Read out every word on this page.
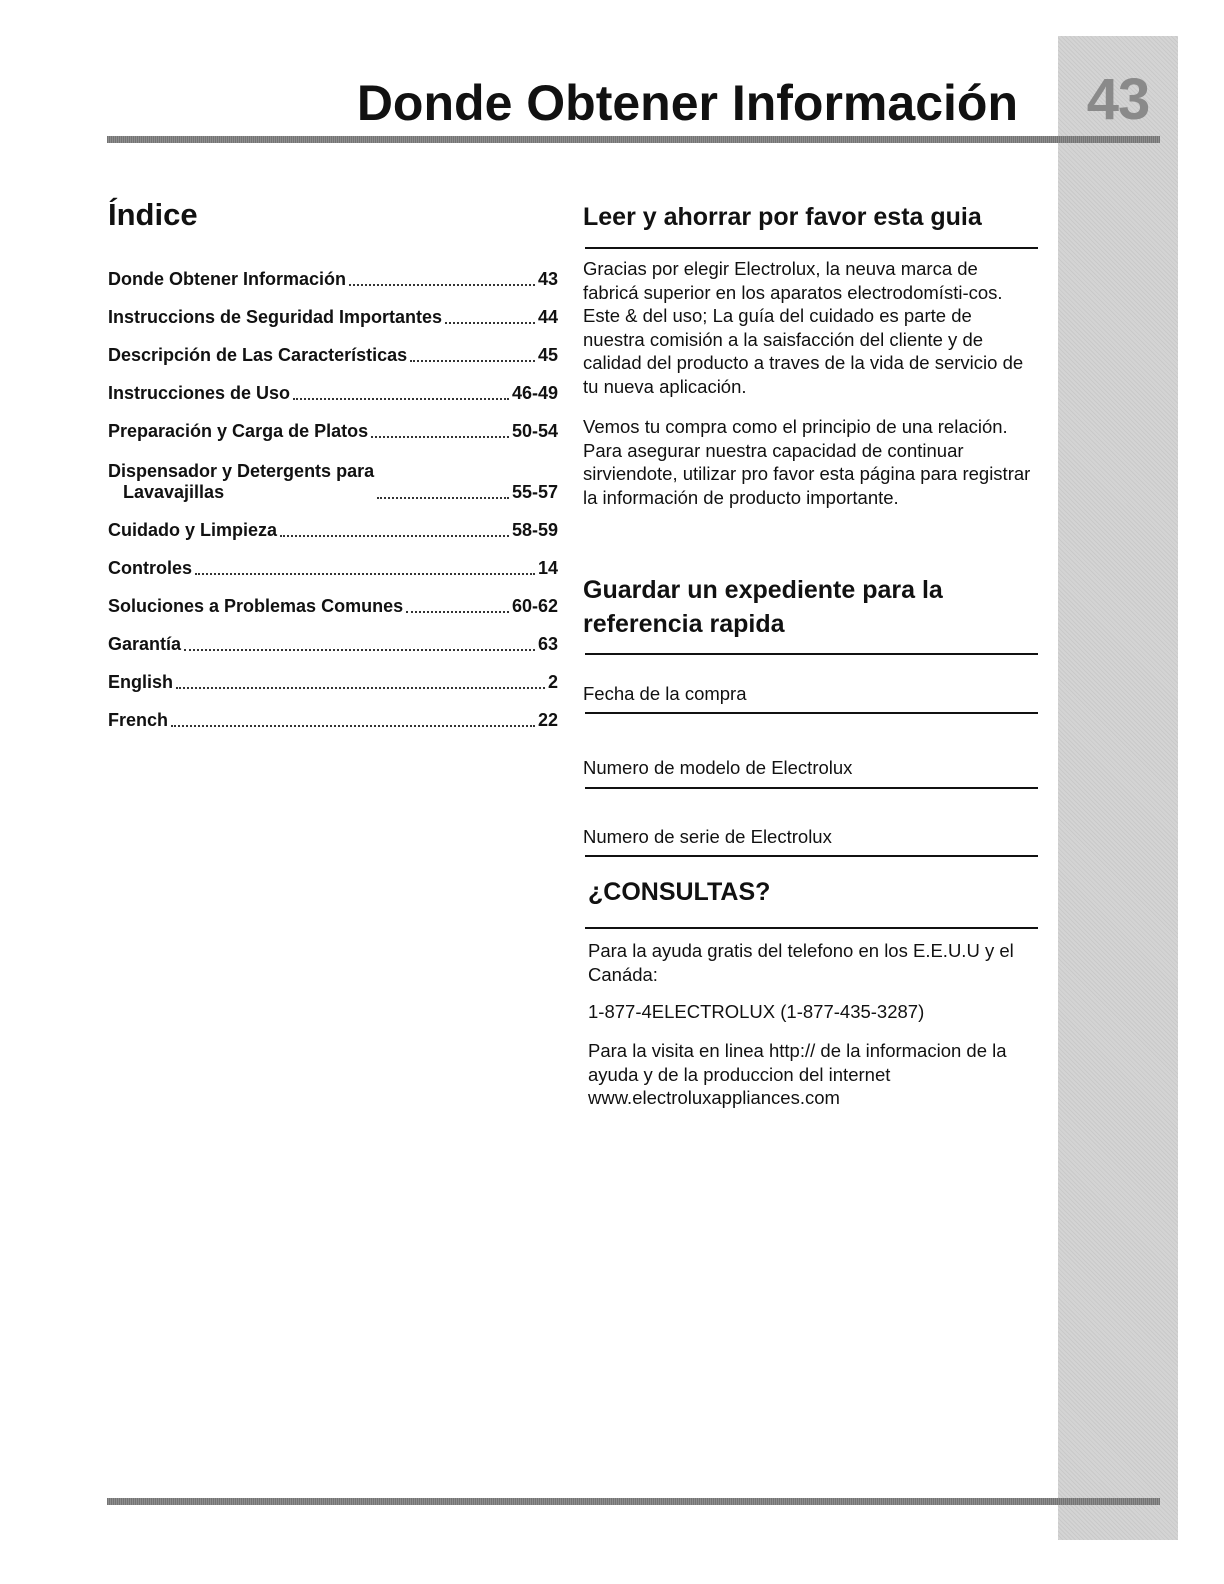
43
Donde Obtener Información
Índice
Donde Obtener Información	43
Instruccions de Seguridad Importantes	44
Descripción de Las Características	45
Instrucciones de Uso	46-49
Preparación y Carga de Platos	50-54
Dispensador y Detergents para
Lavavajillas	55-57
Cuidado y Limpieza	58-59
Controles	14
Soluciones a Problemas Comunes	60-62
Garantía	63
English	2
French	22
Leer y ahorrar por favor esta guia

Gracias por elegir Electrolux, la neuva marca de fabricá superior en los aparatos electrodomísti-cos. Este & del uso; La guía del cuidado es parte de nuestra comisión a la saisfacción del cliente y de calidad del producto a traves de la vida de servicio de tu nueva aplicación.

Vemos tu compra como el principio de una relación. Para asegurar nuestra capacidad de continuar sirviendote, utilizar pro favor esta página para registrar la información de producto importante.

Guardar un expediente para la referencia rapida
Fecha de la compra
Numero de modelo de Electrolux
Numero de serie de Electrolux
¿CONSULTAS?

Para la ayuda gratis del telefono en los E.E.U.U y el Canáda:

1-877-4ELECTROLUX (1-877-435-3287)

Para la visita en linea http:// de la informacion de la ayuda y de la produccion del internet www.electroluxappliances.com
